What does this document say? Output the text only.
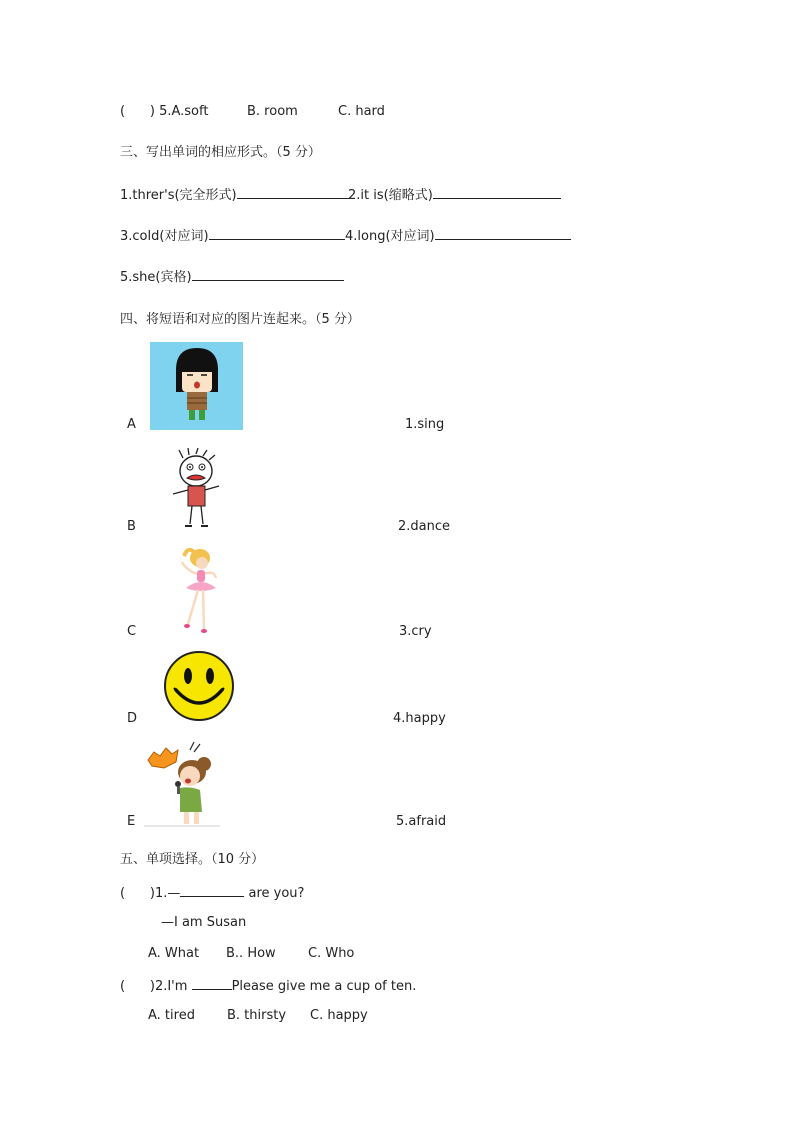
(      ) 5.A.soft	B. room	C. hard
三、写出单词的相应形式。（5 分）
1.threr's(完全形式)	2.it is(缩略式)
3.cold(对应词)	4.long(对应词)
5.she(宾格)
四、将短语和对应的图片连起来。（5 分）
A	1.sing
B	2.dance
C	3.cry
D	4.happy
E	5.afraid
五、单项选择。（10 分）
(      )1.—	are you?
—I am Susan
A. What B.. How C. Who
(      )2.I'm	Please give me a cup of ten.
A. tired B. thirsty C. happy
